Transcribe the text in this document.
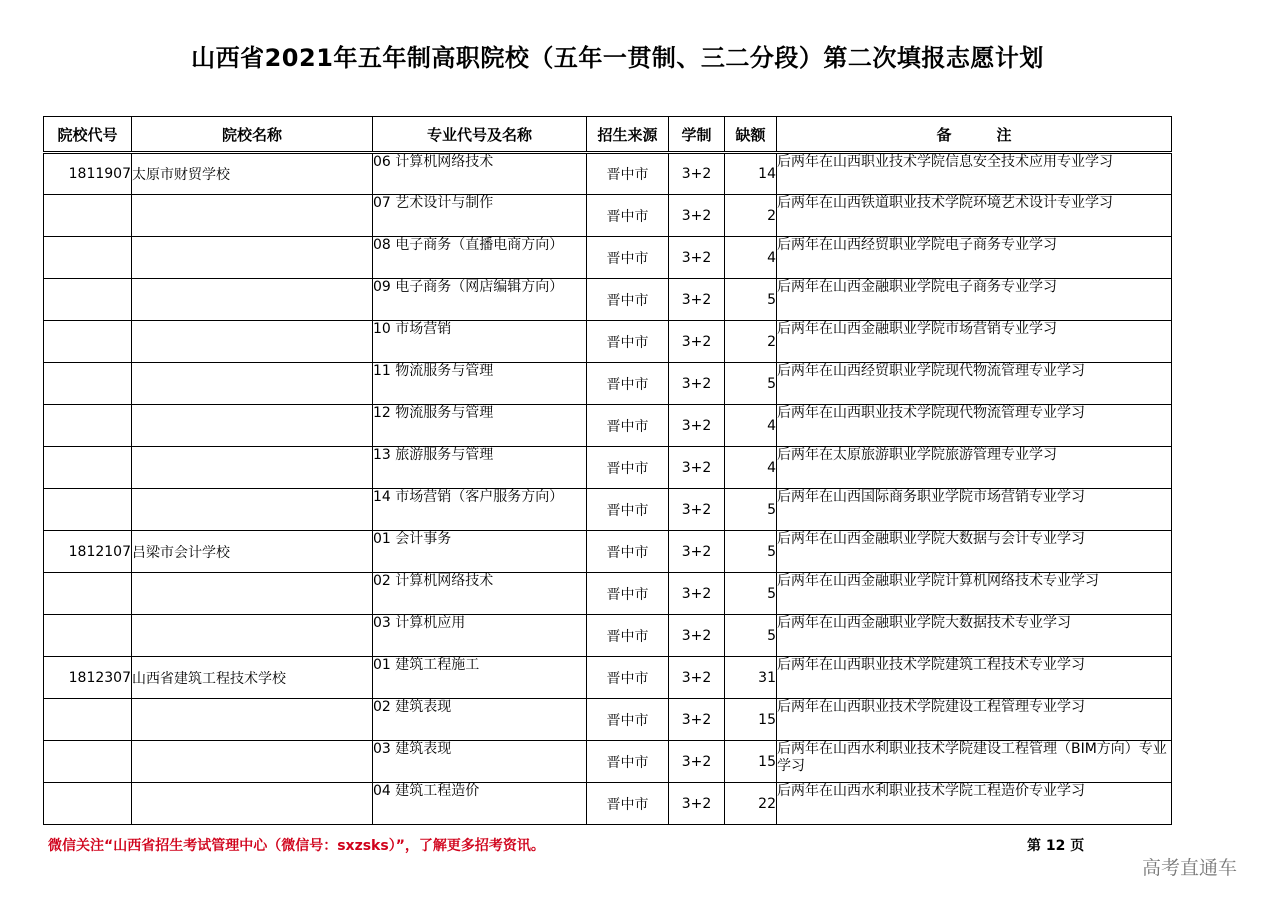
山西省2021年五年制高职院校（五年一贯制、三二分段）第二次填报志愿计划
院校代号	院校名称	专业代号及名称	招生来源	学制	缺额	备　　　注
1811907	太原市财贸学校	06 计算机网络技术	晋中市	3+2	14	后两年在山西职业技术学院信息安全技术应用专业学习
		07 艺术设计与制作	晋中市	3+2	2	后两年在山西铁道职业技术学院环境艺术设计专业学习
		08 电子商务（直播电商方向）	晋中市	3+2	4	后两年在山西经贸职业学院电子商务专业学习
		09 电子商务（网店编辑方向）	晋中市	3+2	5	后两年在山西金融职业学院电子商务专业学习
		10 市场营销	晋中市	3+2	2	后两年在山西金融职业学院市场营销专业学习
		11 物流服务与管理	晋中市	3+2	5	后两年在山西经贸职业学院现代物流管理专业学习
		12 物流服务与管理	晋中市	3+2	4	后两年在山西职业技术学院现代物流管理专业学习
		13 旅游服务与管理	晋中市	3+2	4	后两年在太原旅游职业学院旅游管理专业学习
		14 市场营销（客户服务方向）	晋中市	3+2	5	后两年在山西国际商务职业学院市场营销专业学习
1812107	吕梁市会计学校	01 会计事务	晋中市	3+2	5	后两年在山西金融职业学院大数据与会计专业学习
		02 计算机网络技术	晋中市	3+2	5	后两年在山西金融职业学院计算机网络技术专业学习
		03 计算机应用	晋中市	3+2	5	后两年在山西金融职业学院大数据技术专业学习
1812307	山西省建筑工程技术学校	01 建筑工程施工	晋中市	3+2	31	后两年在山西职业技术学院建筑工程技术专业学习
		02 建筑表现	晋中市	3+2	15	后两年在山西职业技术学院建设工程管理专业学习
		03 建筑表现	晋中市	3+2	15	后两年在山西水利职业技术学院建设工程管理（BIM方向）专业学习
		04 建筑工程造价	晋中市	3+2	22	后两年在山西水利职业技术学院工程造价专业学习
微信关注“山西省招生考试管理中心（微信号：sxzsks）”，了解更多招考资讯。	第 12 页
高考直通车
